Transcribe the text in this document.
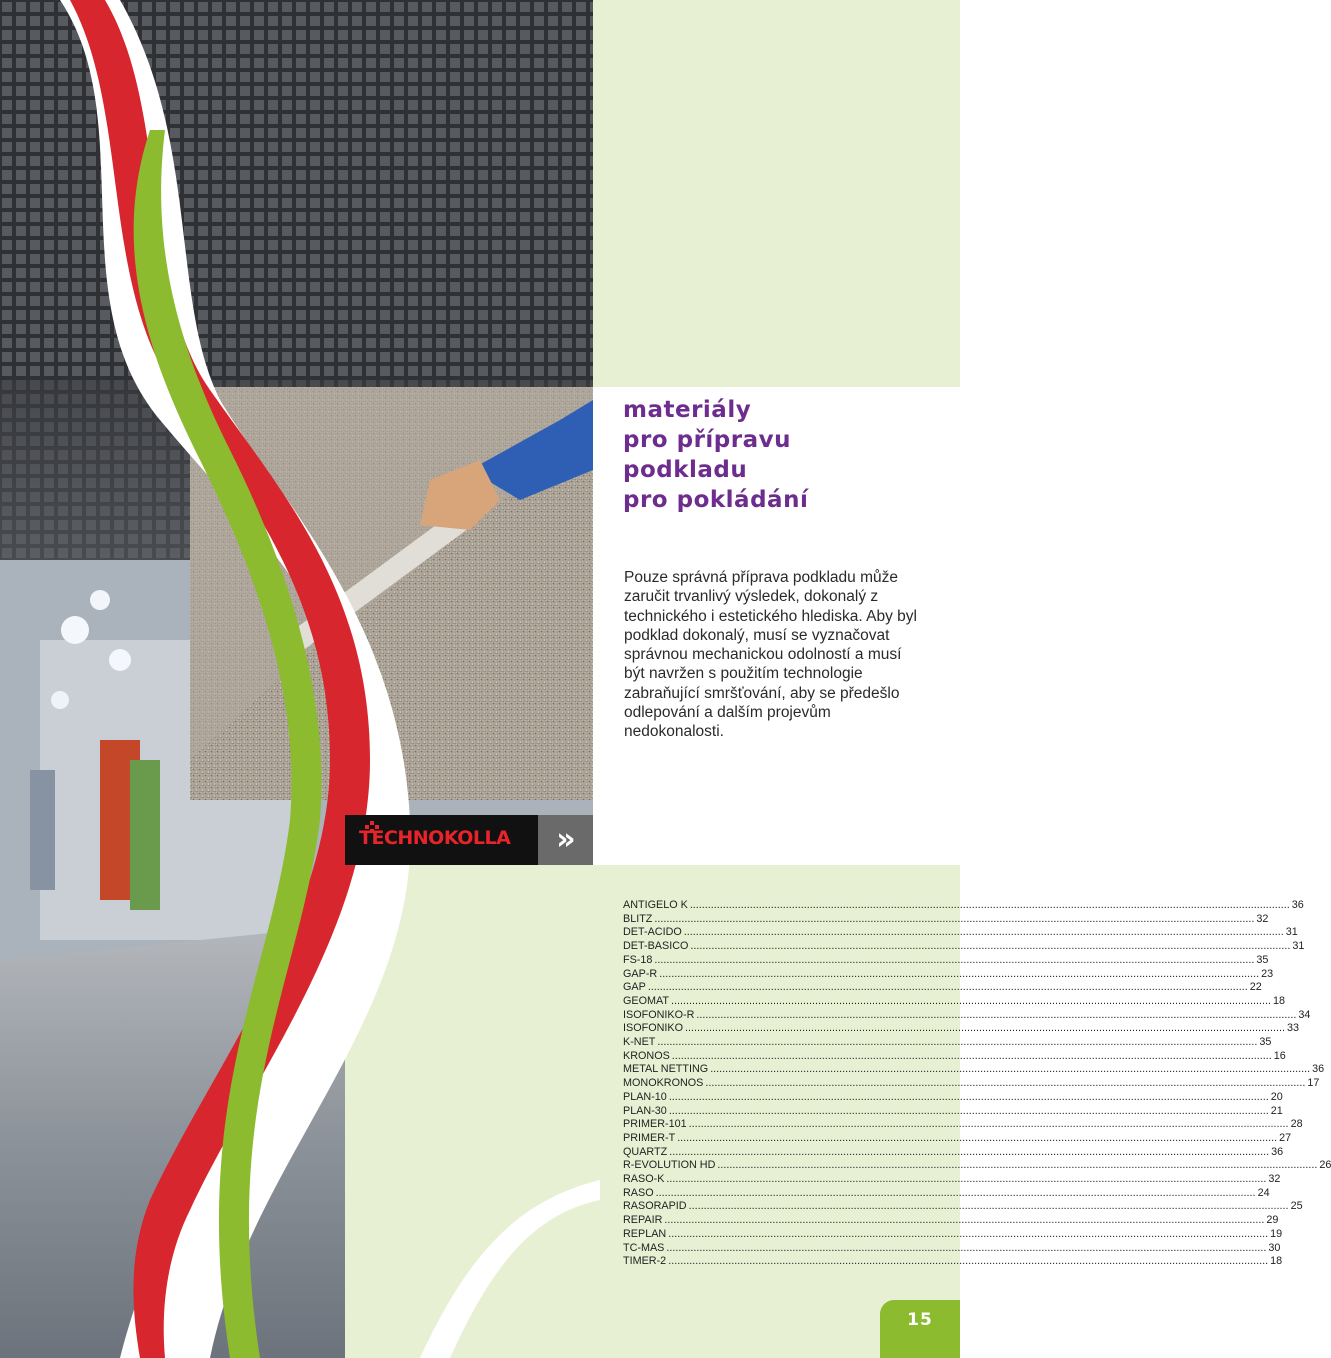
materiály
pro přípravu
podkladu
pro pokládání
Pouze správná příprava podkladu může zaručit trvanlivý výsledek, dokonalý z technického i estetického hlediska. Aby byl podklad dokonalý, musí se vyznačovat správnou mechanickou odolností a musí být navržen s použitím technologie zabraňující smršťování, aby se předešlo odlepování a dalším projevům nedokonalosti.
TECHNOKOLLA	»
ANTIGELO K ........................................................................................................................................................................................................ 36
BLITZ ........................................................................................................................................................................................................ 32
DET-ACIDO ........................................................................................................................................................................................................ 31
DET-BASICO ........................................................................................................................................................................................................ 31
FS-18 ........................................................................................................................................................................................................ 35
GAP-R ........................................................................................................................................................................................................ 23
GAP ........................................................................................................................................................................................................ 22
GEOMAT ........................................................................................................................................................................................................ 18
ISOFONIKO-R ........................................................................................................................................................................................................ 34
ISOFONIKO ........................................................................................................................................................................................................ 33
K-NET ........................................................................................................................................................................................................ 35
KRONOS ........................................................................................................................................................................................................ 16
METAL NETTING ........................................................................................................................................................................................................ 36
MONOKRONOS ........................................................................................................................................................................................................ 17
PLAN-10 ........................................................................................................................................................................................................ 20
PLAN-30 ........................................................................................................................................................................................................ 21
PRIMER-101 ........................................................................................................................................................................................................ 28
PRIMER-T ........................................................................................................................................................................................................ 27
QUARTZ ........................................................................................................................................................................................................ 36
R-EVOLUTION HD ........................................................................................................................................................................................................ 26
RASO-K ........................................................................................................................................................................................................ 32
RASO ........................................................................................................................................................................................................ 24
RASORAPID ........................................................................................................................................................................................................ 25
REPAIR ........................................................................................................................................................................................................ 29
REPLAN ........................................................................................................................................................................................................ 19
TC-MAS ........................................................................................................................................................................................................ 30
TIMER-2 ........................................................................................................................................................................................................ 18
15
